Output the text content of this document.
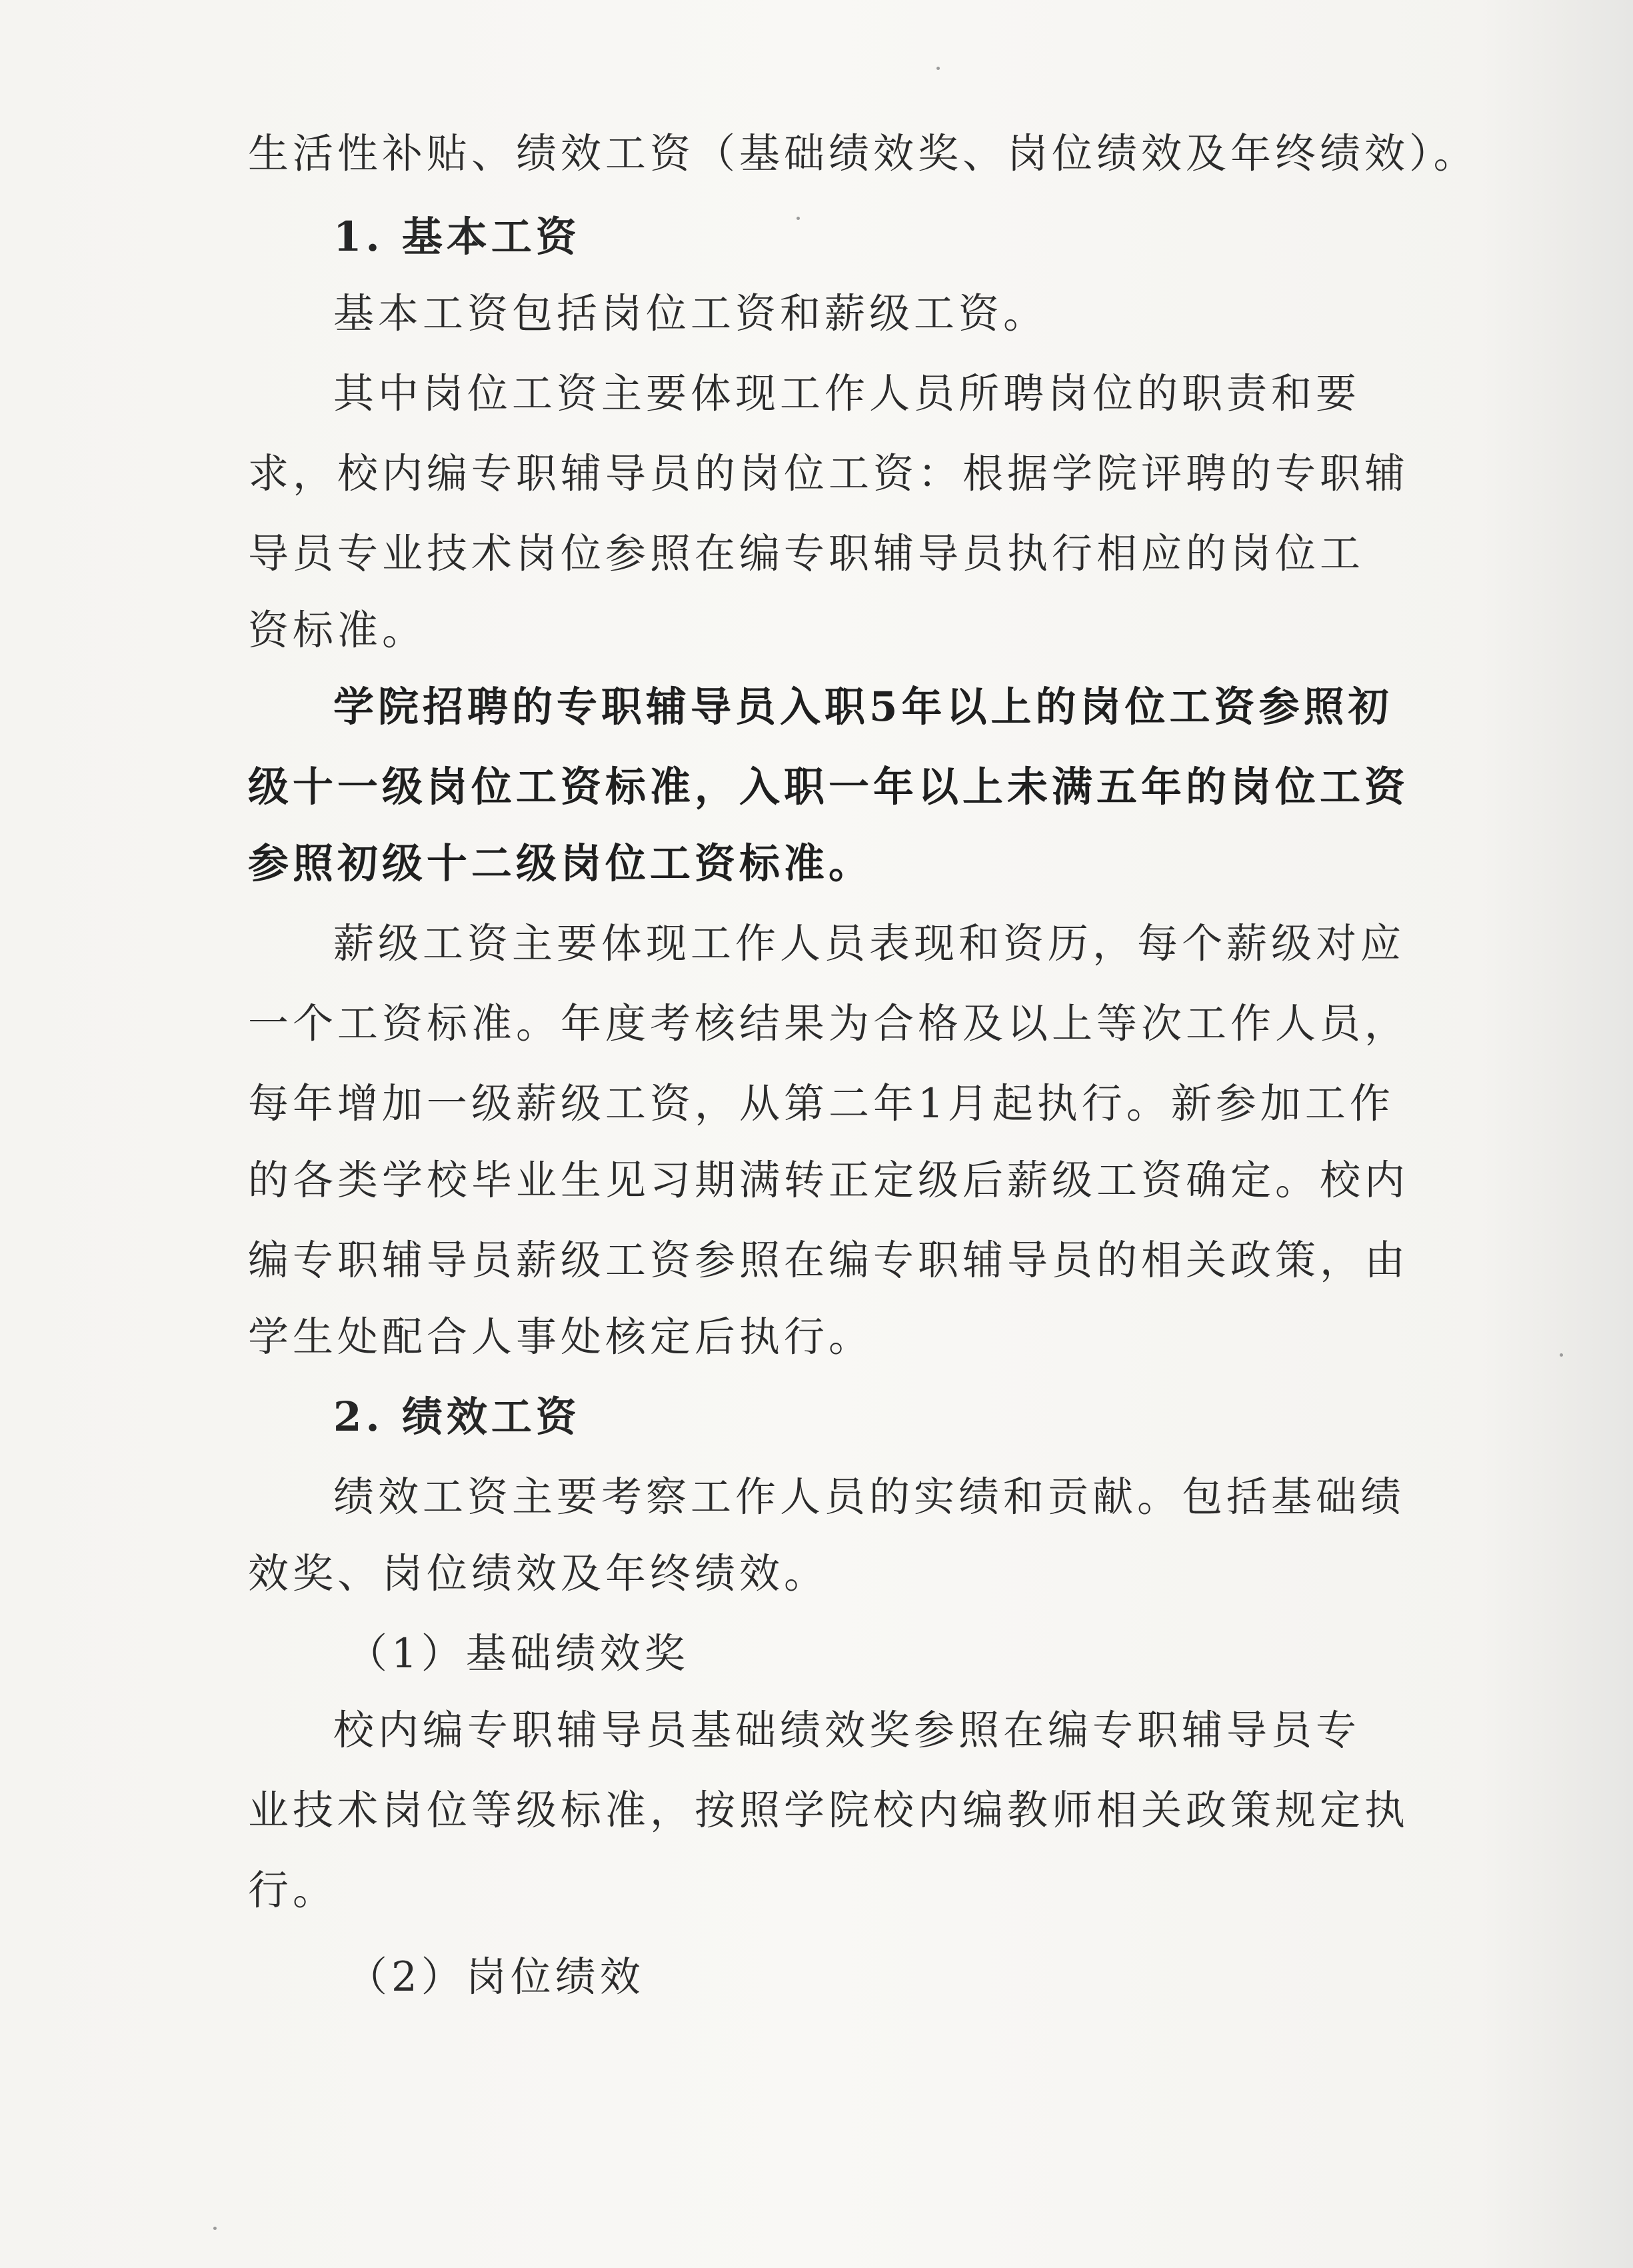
生活性补贴、绩效工资（基础绩效奖、岗位绩效及年终绩效）。
1. 基本工资
基本工资包括岗位工资和薪级工资。
其中岗位工资主要体现工作人员所聘岗位的职责和要
求，校内编专职辅导员的岗位工资：根据学院评聘的专职辅
导员专业技术岗位参照在编专职辅导员执行相应的岗位工
资标准。
学院招聘的专职辅导员入职5年以上的岗位工资参照初
级十一级岗位工资标准，入职一年以上未满五年的岗位工资
参照初级十二级岗位工资标准。
薪级工资主要体现工作人员表现和资历，每个薪级对应
一个工资标准。年度考核结果为合格及以上等次工作人员，
每年增加一级薪级工资，从第二年1月起执行。新参加工作
的各类学校毕业生见习期满转正定级后薪级工资确定。校内
编专职辅导员薪级工资参照在编专职辅导员的相关政策，由
学生处配合人事处核定后执行。
2. 绩效工资
绩效工资主要考察工作人员的实绩和贡献。包括基础绩
效奖、岗位绩效及年终绩效。
（1）基础绩效奖
校内编专职辅导员基础绩效奖参照在编专职辅导员专
业技术岗位等级标准，按照学院校内编教师相关政策规定执
行。
（2）岗位绩效
